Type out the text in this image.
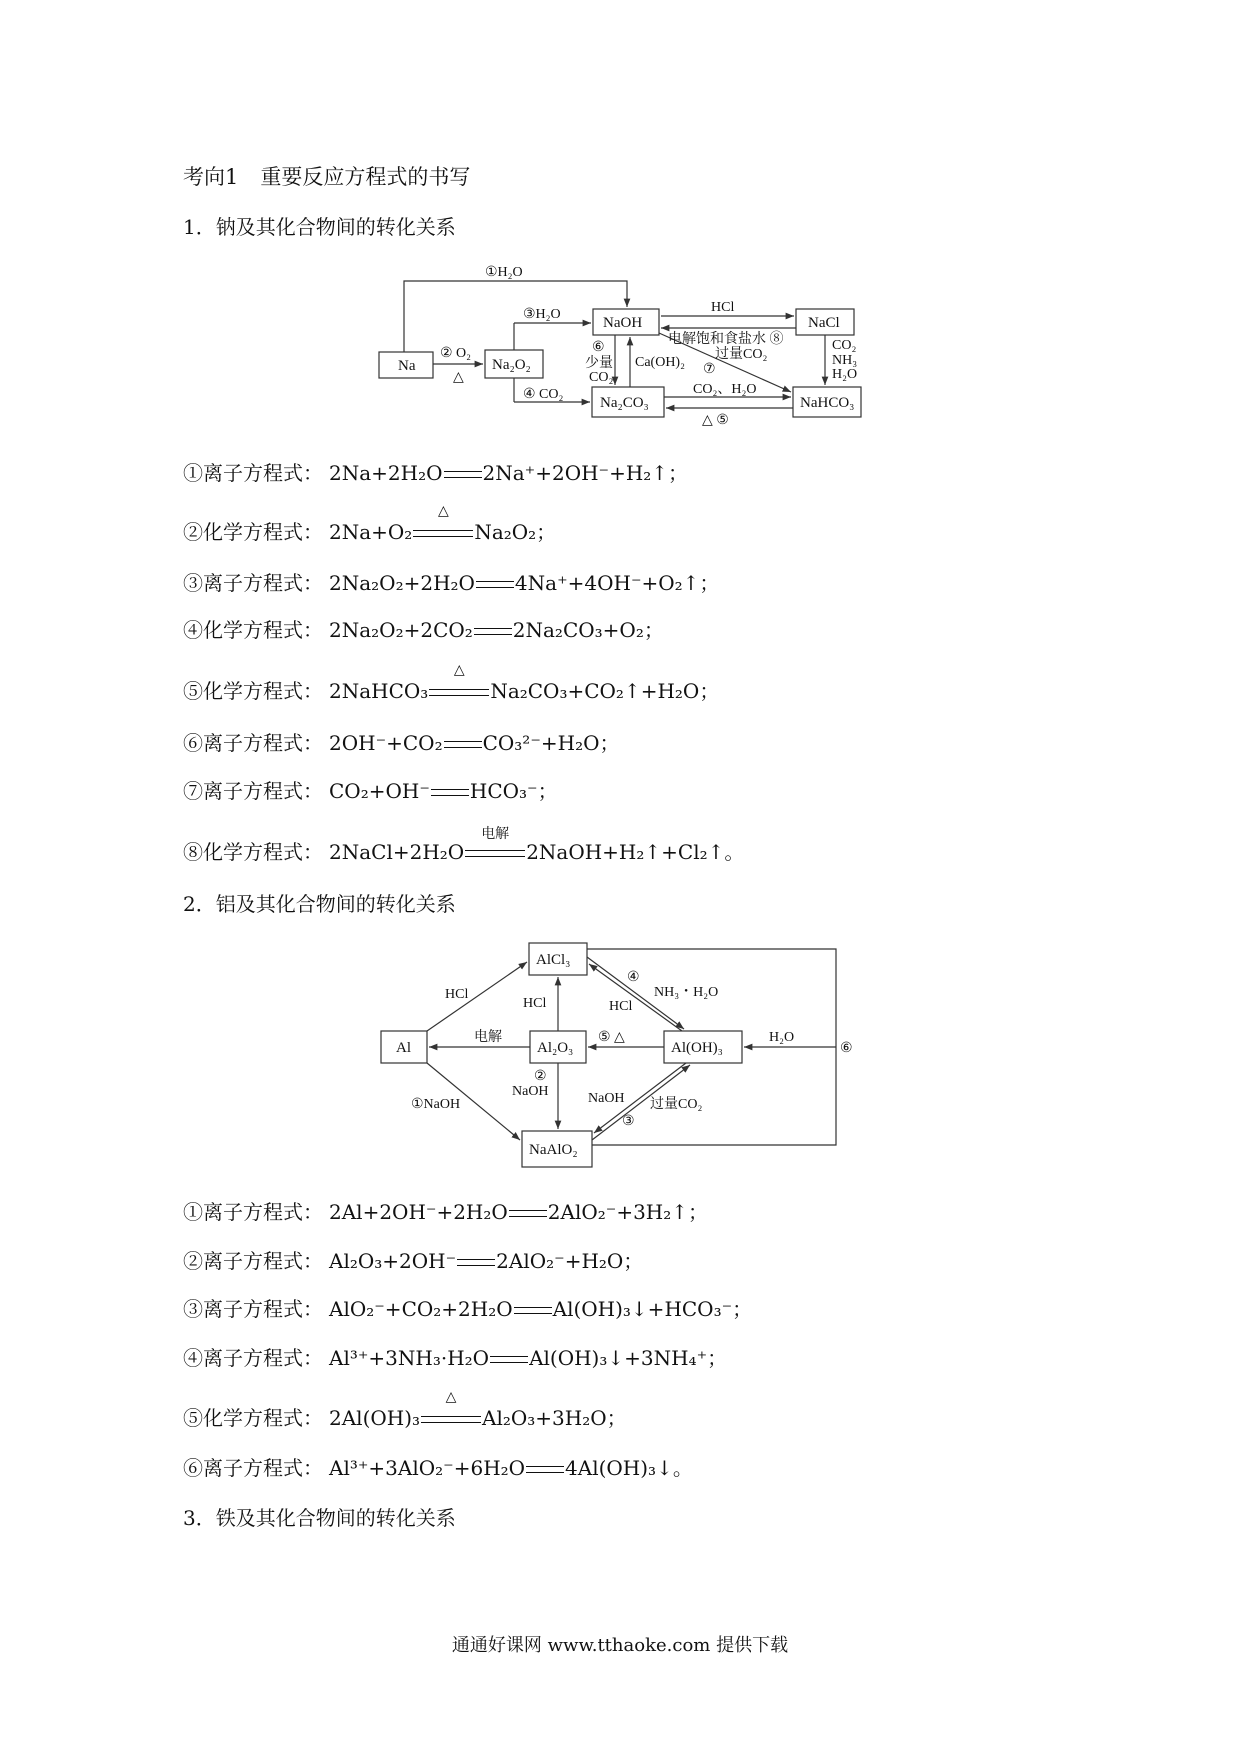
考向1 重要反应方程式的书写
1．钠及其化合物间的转化关系
Na	Na₂O₂
NaOH	NaCl
Na₂CO₃	NaHCO₃
①H₂O
② O₂
△
③H₂O
④ CO₂
HCl
电解饱和食盐水 ⑧
⑥
少量
CO₂
Ca(OH)₂
过量CO₂
⑦
CO₂
NH₃
H₂O
CO₂、H₂O
△ ⑤
①离子方程式： 2Na+2H₂O 2Na⁺+2OH⁻+H₂↑；
②化学方程式： 2Na+O₂
△
Na₂O₂；
③离子方程式： 2Na₂O₂+2H₂O 4Na⁺+4OH⁻+O₂↑；
④化学方程式： 2Na₂O₂+2CO₂ 2Na₂CO₃+O₂；
⑤化学方程式： 2NaHCO₃
△
Na₂CO₃+CO₂↑+H₂O；
⑥离子方程式： 2OH⁻+CO₂ CO₃²⁻+H₂O；
⑦离子方程式： CO₂+OH⁻ HCO₃⁻；
⑧化学方程式： 2NaCl+2H₂O
电解
2NaOH+H₂↑+Cl₂↑。
2．铝及其化合物间的转化关系
Al
AlCl₃
Al₂O₃	Al(OH)₃
NaAlO₂
HCl
HCl	HCl
电解
④
NH₃・H₂O
⑤ △	H₂O
⑥
①NaOH
②
NaOH	NaOH 过量CO₂
③
①离子方程式： 2Al+2OH⁻+2H₂O 2AlO₂⁻+3H₂↑；
②离子方程式： Al₂O₃+2OH⁻ 2AlO₂⁻+H₂O；
③离子方程式： AlO₂⁻+CO₂+2H₂O Al(OH)₃↓+HCO₃⁻；
④离子方程式： Al³⁺+3NH₃·H₂O Al(OH)₃↓+3NH₄⁺；
⑤化学方程式： 2Al(OH)₃
△
Al₂O₃+3H₂O；
⑥离子方程式： Al³⁺+3AlO₂⁻+6H₂O 4Al(OH)₃↓。
3．铁及其化合物间的转化关系
通通好课网 www.tthaoke.com 提供下载
